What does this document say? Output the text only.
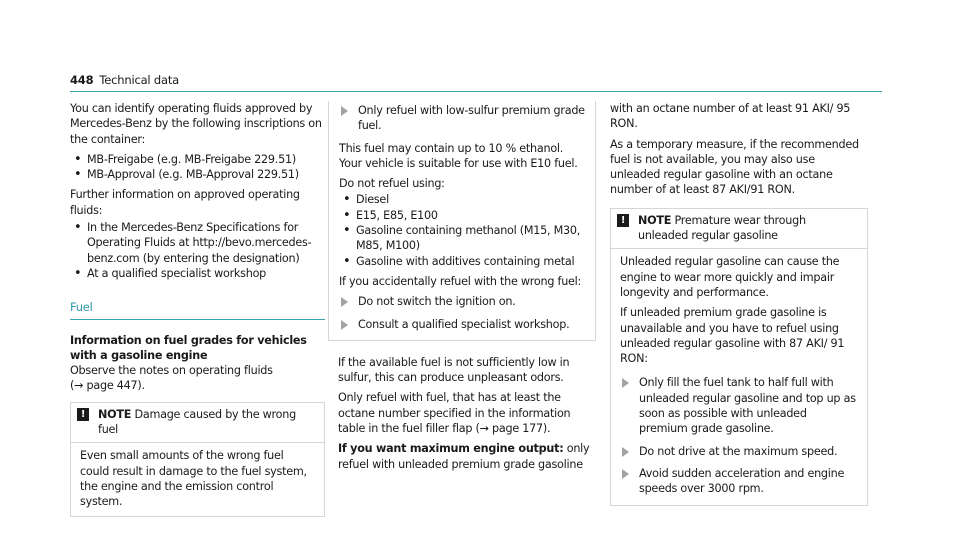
448 Technical data

You can identify operating fluids approved by Mercedes-Benz by the following inscriptions on the container:

• MB-Freigabe (e.g. MB-Freigabe 229.51)
• MB-Approval (e.g. MB-Approval 229.51)

Further information on approved operating fluids:

• In the Mercedes-Benz Specifications for Operating Fluids at http://bevo.mercedes-benz.com (by entering the designation)
• At a qualified specialist workshop
Fuel
Information on fuel grades for vehicles with a gasoline engine
Observe the notes on operating fluids
(→ page 447).
!	NOTE Damage caused by the wrong fuel
Even small amounts of the wrong fuel could result in damage to the fuel system, the engine and the emission control system.
Only refuel with low-sulfur premium grade fuel.

This fuel may contain up to 10 % ethanol. Your vehicle is suitable for use with E10 fuel.

Do not refuel using:

• Diesel
• E15, E85, E100
• Gasoline containing methanol (M15, M30, M85, M100)
• Gasoline with additives containing metal

If you accidentally refuel with the wrong fuel:

Do not switch the ignition on.
Consult a qualified specialist workshop.

If the available fuel is not sufficiently low in sulfur, this can produce unpleasant odors.

Only refuel with fuel, that has at least the octane number specified in the information table in the fuel filler flap (→ page 177).

If you want maximum engine output: only refuel with unleaded premium grade gasoline

with an octane number of at least 91 AKI/ 95 RON.

As a temporary measure, if the recommended fuel is not available, you may also use unleaded regular gasoline with an octane number of at least 87 AKI/91 RON.

!	NOTE Premature wear through unleaded regular gasoline

Unleaded regular gasoline can cause the engine to wear more quickly and impair longevity and performance.

If unleaded premium grade gasoline is unavailable and you have to refuel using unleaded regular gasoline with 87 AKI/ 91 RON:

Only fill the fuel tank to half full with unleaded regular gasoline and top up as soon as possible with unleaded premium grade gasoline.
Do not drive at the maximum speed.
Avoid sudden acceleration and engine speeds over 3000 rpm.
